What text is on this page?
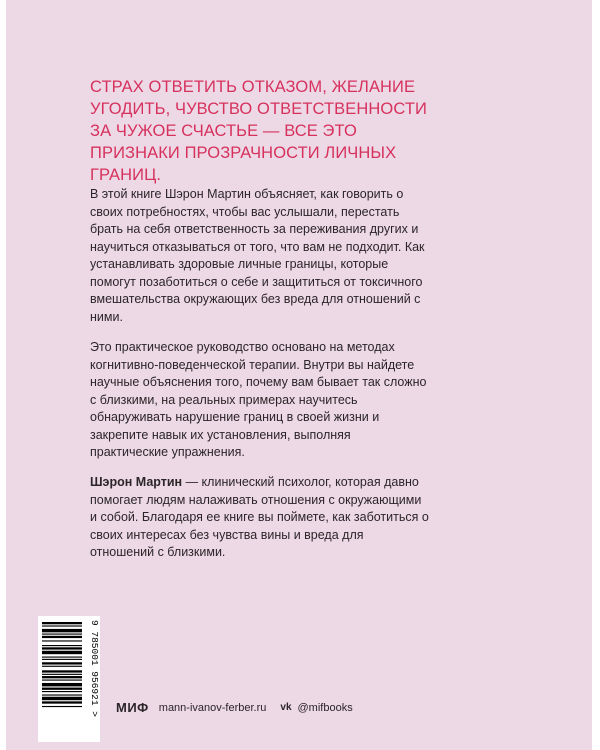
СТРАХ ОТВЕТИТЬ ОТКАЗОМ, ЖЕЛАНИЕ УГОДИТЬ, ЧУВСТВО ОТВЕТСТВЕННОСТИ ЗА ЧУЖОЕ СЧАСТЬЕ — ВСЕ ЭТО ПРИЗНАКИ ПРОЗРАЧНОСТИ ЛИЧНЫХ ГРАНИЦ.

В этой книге Шэрон Мартин объясняет, как говорить о своих потребностях, чтобы вас услышали, перестать брать на себя ответственность за переживания других и научиться отказываться от того, что вам не подходит. Как устанавливать здоровые личные границы, которые помогут позаботиться о себе и защититься от токсичного вмешательства окружающих без вреда для отношений с ними.

Это практическое руководство основано на методах когнитивно-поведенческой терапии. Внутри вы найдете научные объяснения того, почему вам бывает так сложно с близкими, на реальных примерах научитесь обнаруживать нарушение границ в своей жизни и закрепите навык их установления, выполняя практические упражнения.

Шэрон Мартин — клинический психолог, которая давно помогает людям налаживать отношения с окружающими и собой. Благодаря ее книге вы поймете, как заботиться о своих интересах без чувства вины и вреда для отношений с близкими.

9 785001 956921 > МИФ mann-ivanov-ferber.ru vk @mifbooks
